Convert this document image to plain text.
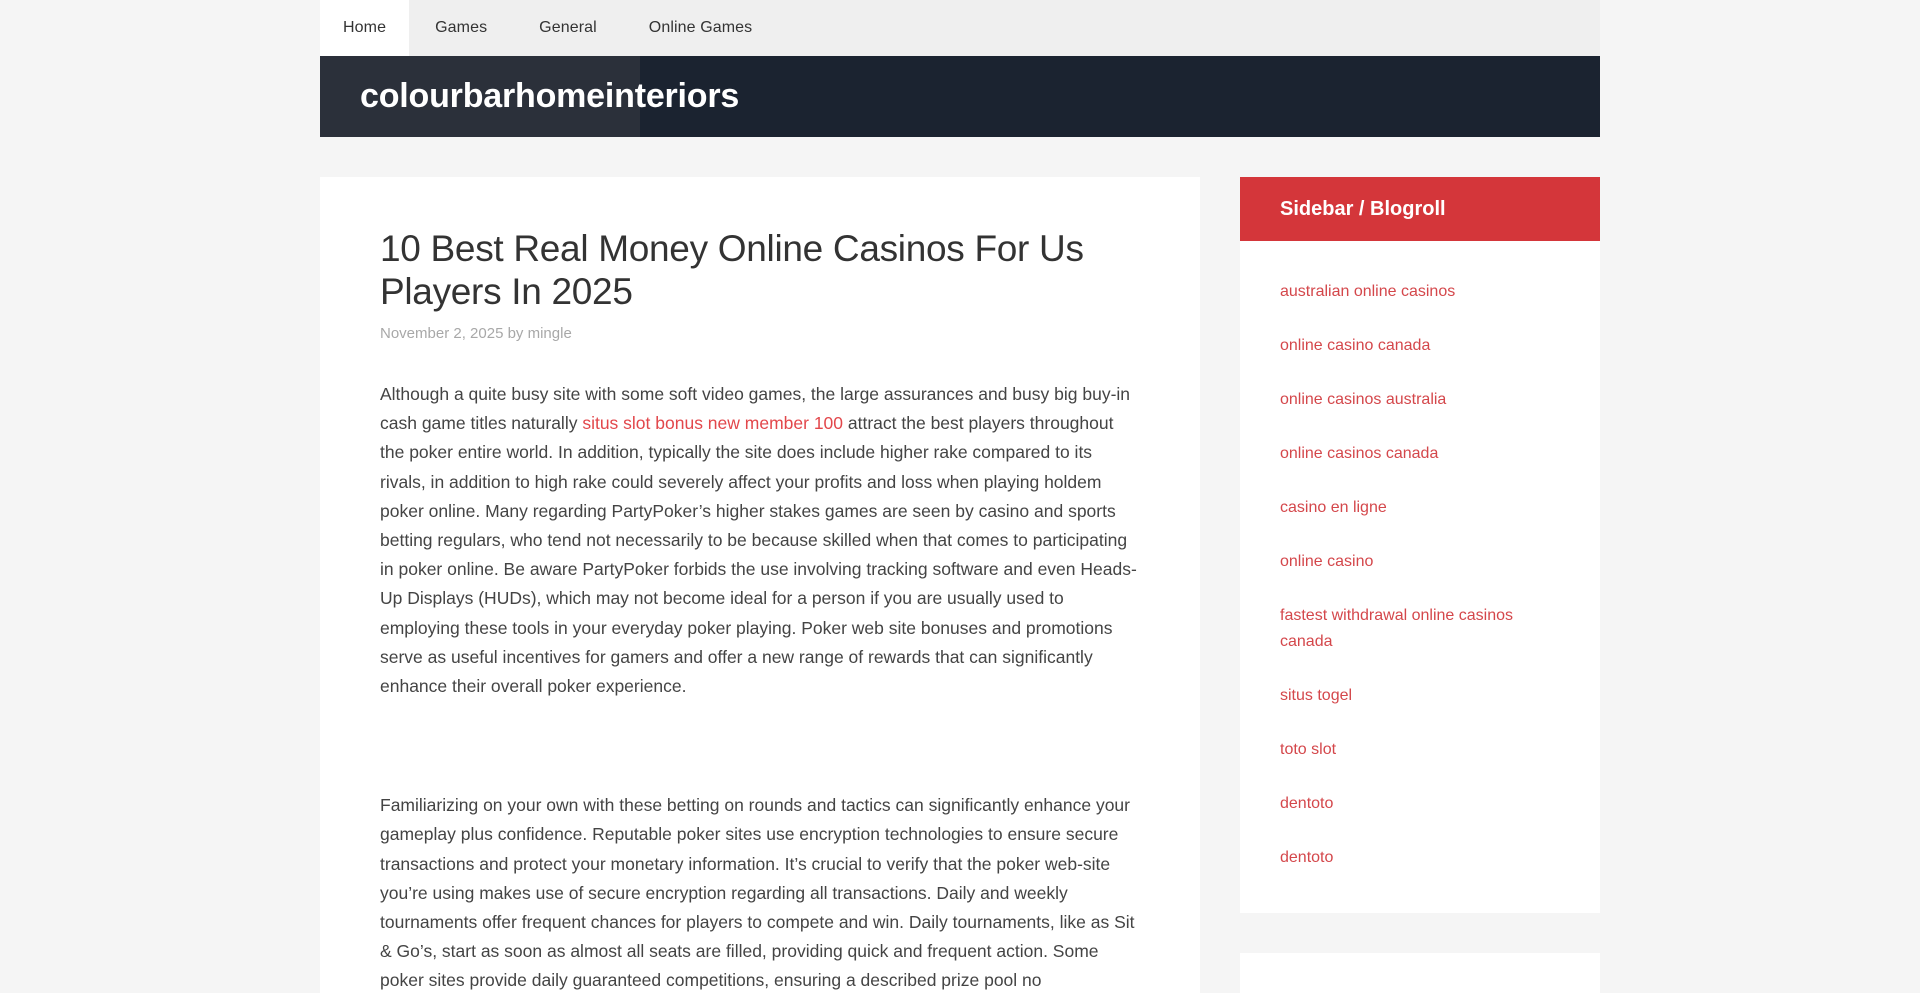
Home	Games	General	Online Games
colourbarhomeinteriors
10 Best Real Money Online Casinos For Us Players In 2025
November 2, 2025 by mingle

Although a quite busy site with some soft video games, the large assurances and busy big buy-in cash game titles naturally situs slot bonus new member 100 attract the best players throughout the poker entire world. In addition, typically the site does include higher rake compared to its rivals, in addition to high rake could severely affect your profits and loss when playing holdem poker online. Many regarding PartyPoker’s higher stakes games are seen by casino and sports betting regulars, who tend not necessarily to be because skilled when that comes to participating in poker online. Be aware PartyPoker forbids the use involving tracking software and even Heads-Up Displays (HUDs), which may not become ideal for a person if you are usually used to employing these tools in your everyday poker playing. Poker web site bonuses and promotions serve as useful incentives for gamers and offer a new range of rewards that can significantly enhance their overall poker experience.

Familiarizing on your own with these betting on rounds and tactics can significantly enhance your gameplay plus confidence. Reputable poker sites use encryption technologies to ensure secure transactions and protect your monetary information. It’s crucial to verify that the poker web-site you’re using makes use of secure encryption regarding all transactions. Daily and weekly tournaments offer frequent chances for players to compete and win. Daily tournaments, like as Sit & Go’s, start as soon as almost all seats are filled, providing quick and frequent action. Some poker sites provide daily guaranteed competitions, ensuring a described prize pool no

Sidebar / Blogroll
australian online casinos
online casino canada
online casinos australia
online casinos canada
casino en ligne
online casino
fastest withdrawal online casinos canada
situs togel
toto slot
dentoto
dentoto
